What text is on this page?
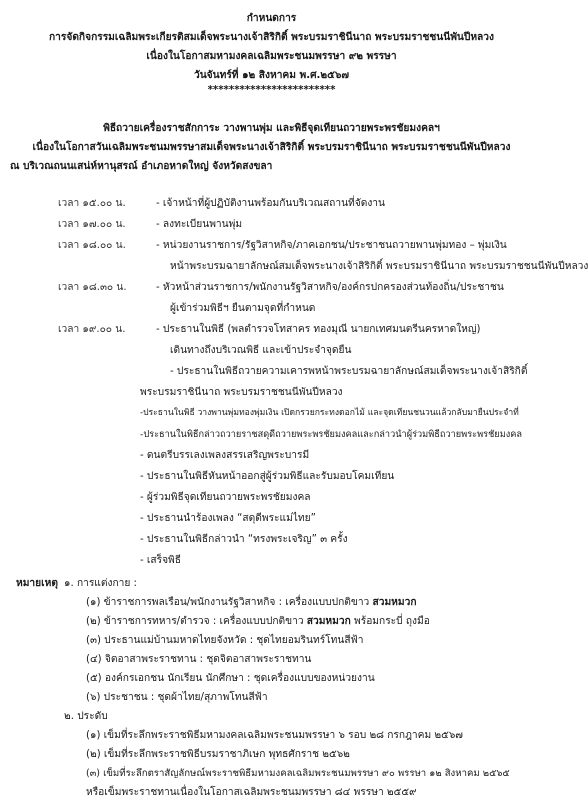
กำหนดการ
การจัดกิจกรรมเฉลิมพระเกียรติสมเด็จพระนางเจ้าสิริกิติ์ พระบรมราชินีนาถ พระบรมราชชนนีพันปีหลวง
เนื่องในโอกาสมหามงคลเฉลิมพระชนมพรรษา ๙๒ พรรษา
วันจันทร์ที่ ๑๒ สิงหาคม พ.ศ.๒๕๖๗
************************
พิธีถวายเครื่องราชสักการะ วางพานพุ่ม และพิธีจุดเทียนถวายพระพรชัยมงคลฯ
เนื่องในโอกาสวันเฉลิมพระชนมพรรษาสมเด็จพระนางเจ้าสิริกิติ์ พระบรมราชินีนาถ พระบรมราชชนนีพันปีหลวง
ณ บริเวณถนนเสน่ห์หานุสรณ์ อำเภอหาดใหญ่ จังหวัดสงขลา
เวลา ๑๕.๐๐ น.	- เจ้าหน้าที่ผู้ปฏิบัติงานพร้อมกันบริเวณสถานที่จัดงาน
เวลา ๑๗.๐๐ น.	- ลงทะเบียนพานพุ่ม
เวลา ๑๘.๐๐ น.	- หน่วยงานราชการ/รัฐวิสาหกิจ/ภาคเอกชน/ประชาชนถวายพานพุ่มทอง – พุ่มเงิน
หน้าพระบรมฉายาลักษณ์สมเด็จพระนางเจ้าสิริกิติ์ พระบรมราชินีนาถ พระบรมราชชนนีพันปีหลวง
เวลา ๑๘.๓๐ น.	- หัวหน้าส่วนราชการ/พนักงานรัฐวิสาหกิจ/องค์กรปกครองส่วนท้องถิ่น/ประชาชน
ผู้เข้าร่วมพิธีฯ ยืนตามจุดที่กำหนด
เวลา ๑๙.๐๐ น.	- ประธานในพิธี (พลตำรวจโทสาคร ทองมุณี นายกเทศมนตรีนครหาดใหญ่)
เดินทางถึงบริเวณพิธี และเข้าประจำจุดยืน
- ประธานในพิธีถวายความเคารพหน้าพระบรมฉายาลักษณ์สมเด็จพระนางเจ้าสิริกิติ์
พระบรมราชินีนาถ พระบรมราชชนนีพันปีหลวง
-ประธานในพิธี วางพานพุ่มทองพุ่มเงิน เปิดกรวยกระทงดอกไม้ และจุดเทียนชนวนแล้วกลับมายืนประจำที่
-ประธานในพิธีกล่าวถวายราชสดุดีถวายพระพรชัยมงคลและกล่าวนำผู้ร่วมพิธีถวายพระพรชัยมงคล
- ดนตรีบรรเลงเพลงสรรเสริญพระบารมี
- ประธานในพิธีหันหน้าออกสู่ผู้ร่วมพิธีและรับมอบโคมเทียน
- ผู้ร่วมพิธีจุดเทียนถวายพระพรชัยมงคล
- ประธานนำร้องเพลง “สดุดีพระแม่ไทย”
- ประธานในพิธีกล่าวนำ “ทรงพระเจริญ” ๓ ครั้ง
- เสร็จพิธี
หมายเหตุ ๑. การแต่งกาย :
(๑) ข้าราชการพลเรือน/พนักงานรัฐวิสาหกิจ : เครื่องแบบปกติขาว สวมหมวก
(๒) ข้าราชการทหาร/ตำรวจ : เครื่องแบบปกติขาว สวมหมวก พร้อมกระบี่ ถุงมือ
(๓) ประธานแม่บ้านมหาดไทยจังหวัด : ชุดไทยอมรินทร์โทนสีฟ้า
(๔) จิตอาสาพระราชทาน : ชุดจิตอาสาพระราชทาน
(๕) องค์กรเอกชน นักเรียน นักศึกษา : ชุดเครื่องแบบของหน่วยงาน
(๖) ประชาชน : ชุดผ้าไทย/สุภาพโทนสีฟ้า
๒. ประดับ
(๑) เข็มที่ระลึกพระราชพิธีมหามงคลเฉลิมพระชนมพรรษา ๖ รอบ ๒๘ กรกฎาคม ๒๕๖๗
(๒) เข็มที่ระลึกพระราชพิธีบรมราชาภิเษก พุทธศักราช ๒๕๖๒
(๓) เข็มที่ระลึกตราสัญลักษณ์พระราชพิธีมหามงคลเฉลิมพระชนมพรรษา ๙๐ พรรษา ๑๒ สิงหาคม ๒๕๖๕
หรือเข็มพระราชทานเนื่องในโอกาสเฉลิมพระชนมพรรษา ๘๔ พรรษา ๒๕๕๙
